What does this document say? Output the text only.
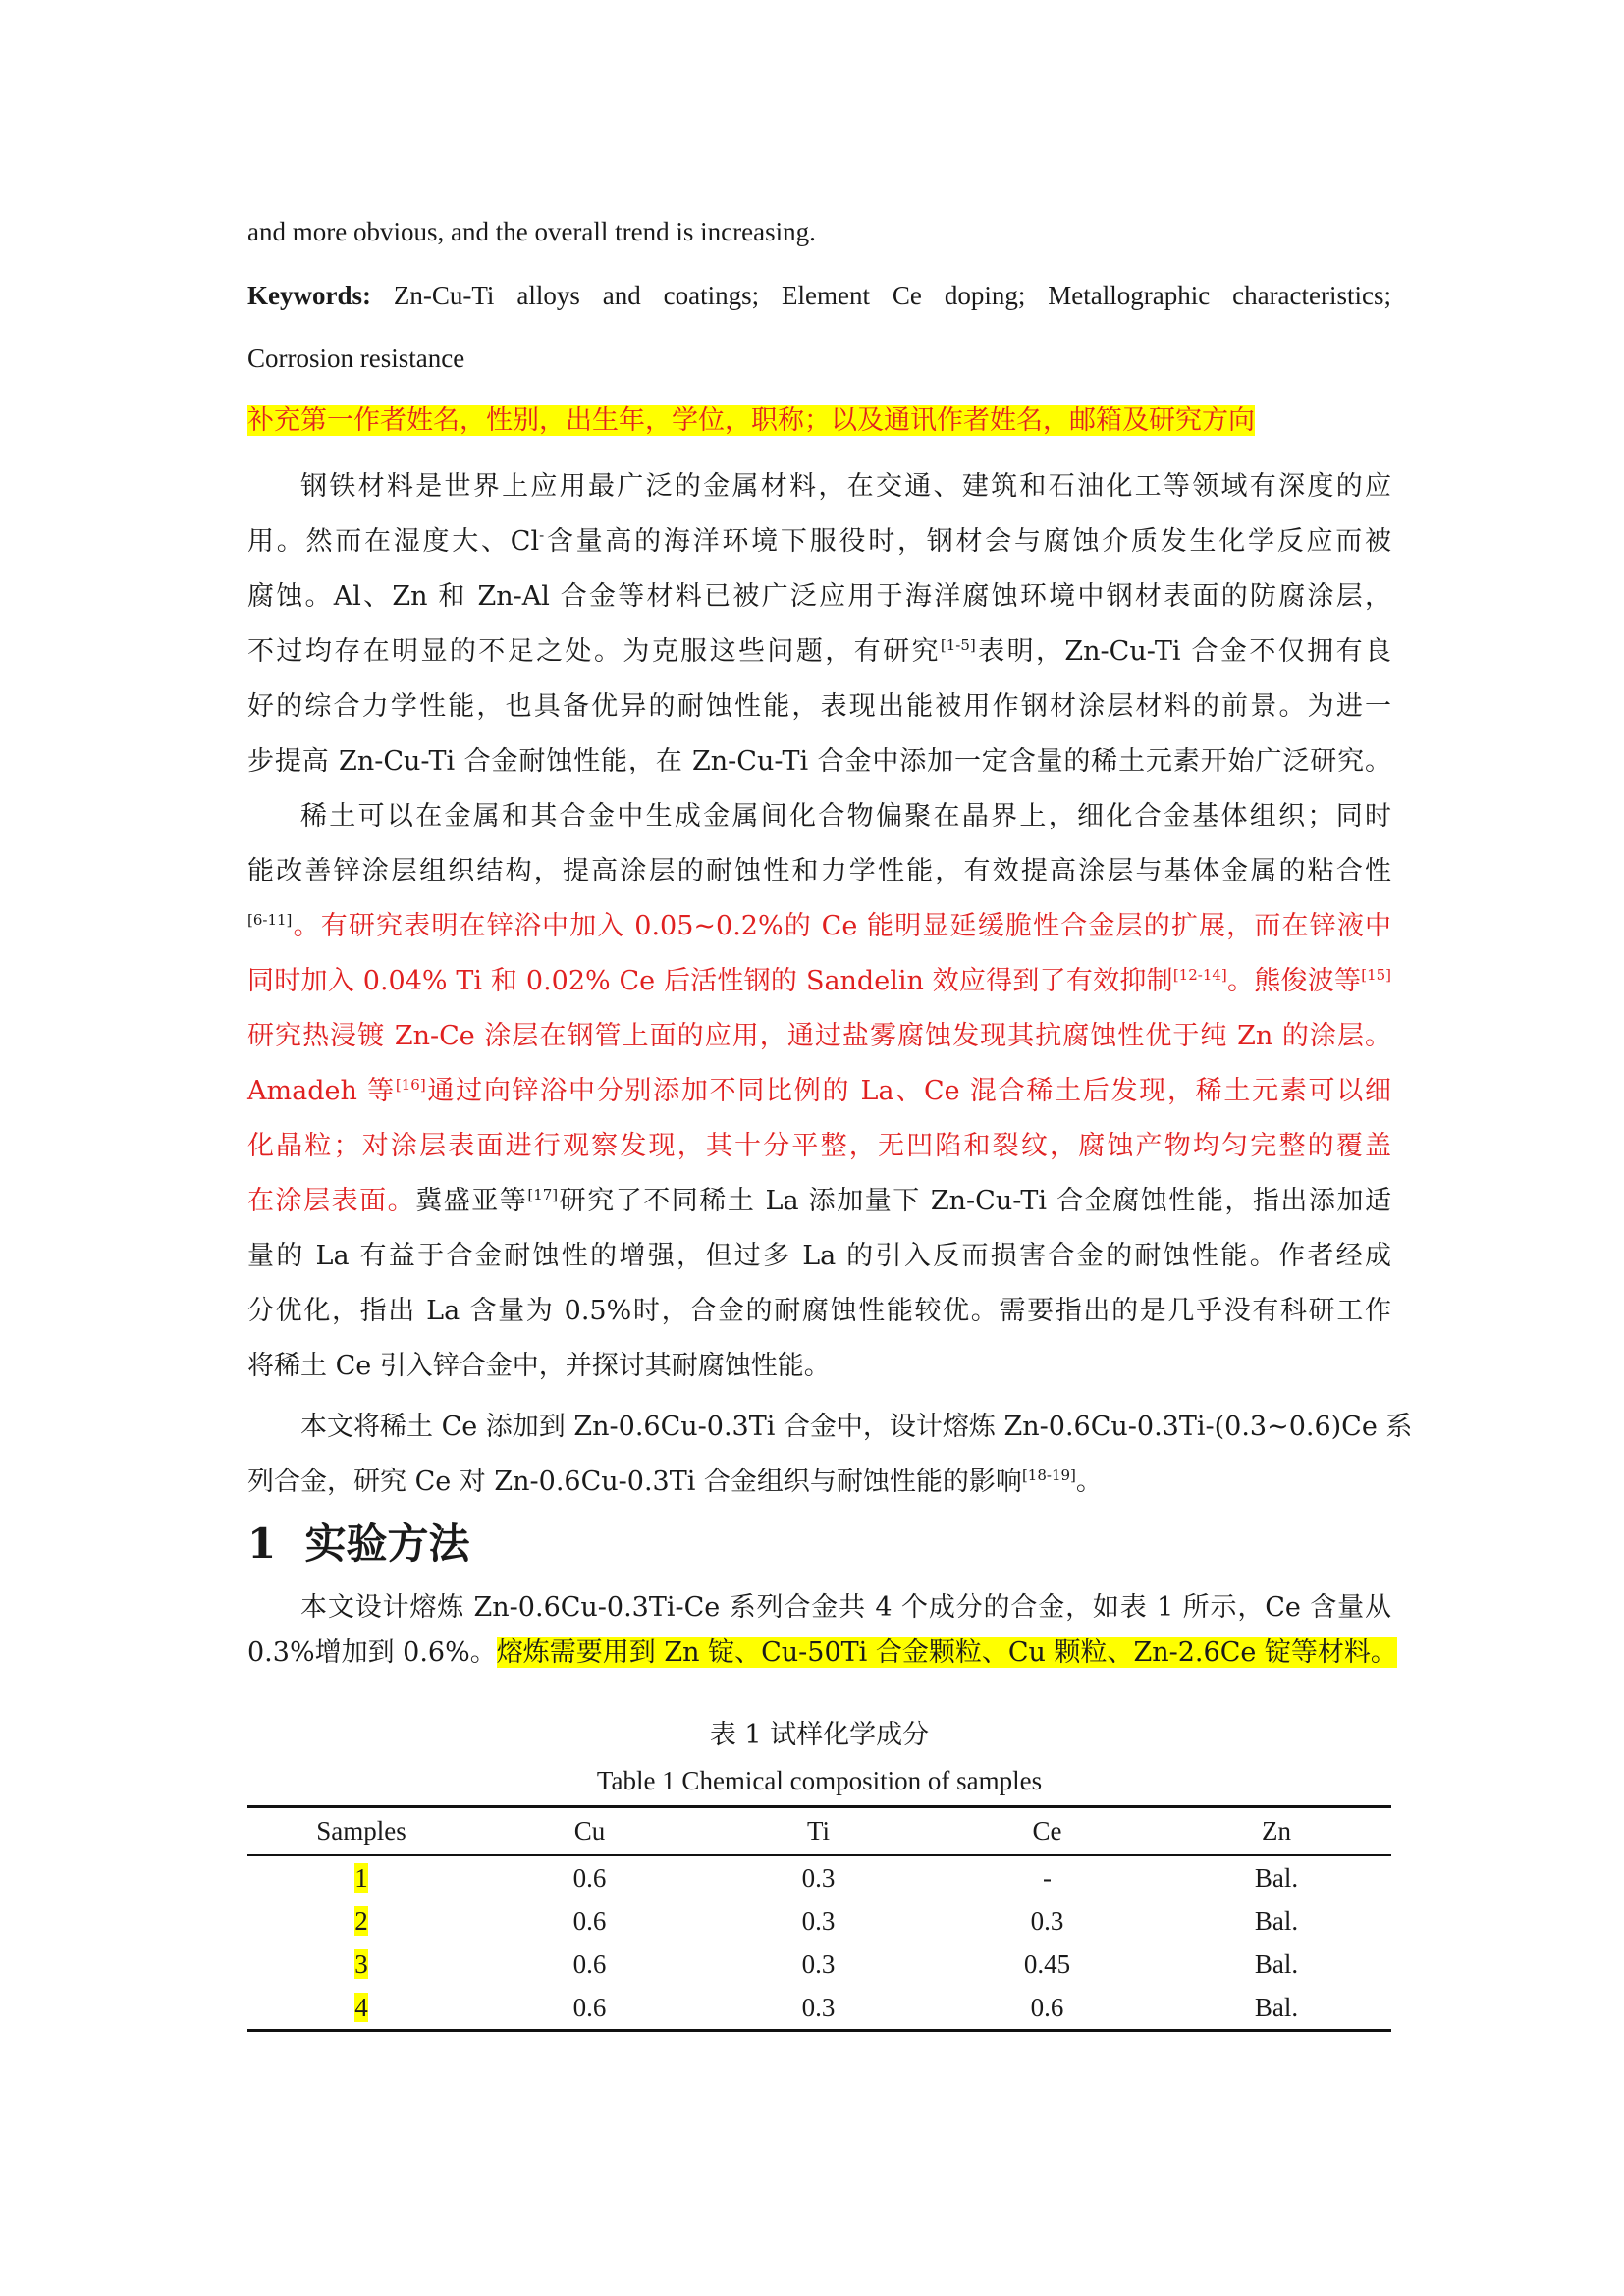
and more obvious, and the overall trend is increasing.
Keywords: Zn-Cu-Ti alloys and coatings; Element Ce doping; Metallographic characteristics;
Corrosion resistance
补充第一作者姓名，性别，出生年，学位，职称；以及通讯作者姓名，邮箱及研究方向
钢铁材料是世界上应用最广泛的金属材料，在交通、建筑和石油化工等领域有深度的应
用。然而在湿度大、Cl-含量高的海洋环境下服役时，钢材会与腐蚀介质发生化学反应而被
腐蚀。Al、Zn 和 Zn-Al 合金等材料已被广泛应用于海洋腐蚀环境中钢材表面的防腐涂层，
不过均存在明显的不足之处。为克服这些问题，有研究[1-5]表明，Zn-Cu-Ti 合金不仅拥有良
好的综合力学性能，也具备优异的耐蚀性能，表现出能被用作钢材涂层材料的前景。为进一
步提高 Zn-Cu-Ti 合金耐蚀性能，在 Zn-Cu-Ti 合金中添加一定含量的稀土元素开始广泛研究。
稀土可以在金属和其合金中生成金属间化合物偏聚在晶界上，细化合金基体组织；同时
能改善锌涂层组织结构，提高涂层的耐蚀性和力学性能，有效提高涂层与基体金属的粘合性
[6-11]。有研究表明在锌浴中加入 0.05~0.2%的 Ce 能明显延缓脆性合金层的扩展，而在锌液中
同时加入 0.04% Ti 和 0.02% Ce 后活性钢的 Sandelin 效应得到了有效抑制[12-14]。熊俊波等[15]
研究热浸镀 Zn-Ce 涂层在钢管上面的应用，通过盐雾腐蚀发现其抗腐蚀性优于纯 Zn 的涂层。
Amadeh 等[16]通过向锌浴中分别添加不同比例的 La、Ce 混合稀土后发现，稀土元素可以细
化晶粒；对涂层表面进行观察发现，其十分平整，无凹陷和裂纹，腐蚀产物均匀完整的覆盖
在涂层表面。冀盛亚等[17]研究了不同稀土 La 添加量下 Zn-Cu-Ti 合金腐蚀性能，指出添加适
量的 La 有益于合金耐蚀性的增强，但过多 La 的引入反而损害合金的耐蚀性能。作者经成
分优化，指出 La 含量为 0.5%时，合金的耐腐蚀性能较优。需要指出的是几乎没有科研工作
将稀土 Ce 引入锌合金中，并探讨其耐腐蚀性能。
本文将稀土 Ce 添加到 Zn-0.6Cu-0.3Ti 合金中，设计熔炼 Zn-0.6Cu-0.3Ti-(0.3~0.6)Ce 系
列合金，研究 Ce 对 Zn-0.6Cu-0.3Ti 合金组织与耐蚀性能的影响[18-19]。
1 实验方法
本文设计熔炼 Zn-0.6Cu-0.3Ti-Ce 系列合金共 4 个成分的合金，如表 1 所示，Ce 含量从
0.3%增加到 0.6%。熔炼需要用到 Zn 锭、Cu-50Ti 合金颗粒、Cu 颗粒、Zn-2.6Ce 锭等材料。
表 1 试样化学成分
Table 1 Chemical composition of samples
Samples	Cu	Ti	Ce	Zn
1	0.6	0.3	-	Bal.
2	0.6	0.3	0.3	Bal.
3	0.6	0.3	0.45	Bal.
4	0.6	0.3	0.6	Bal.
